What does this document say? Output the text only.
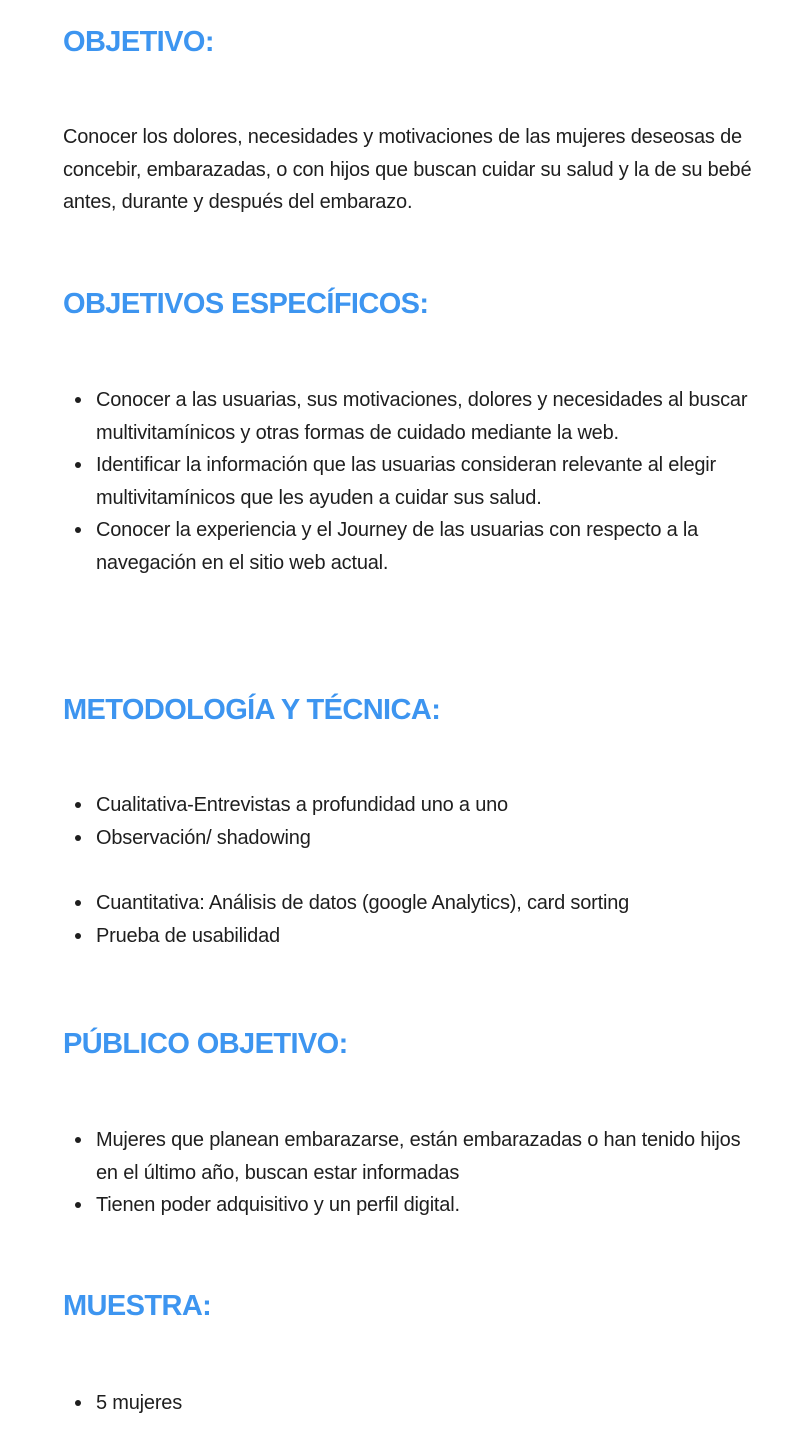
OBJETIVO:

Conocer los dolores, necesidades y motivaciones de las mujeres deseosas de concebir, embarazadas, o con hijos que buscan cuidar su salud y la de su bebé antes, durante y después del embarazo.

OBJETIVOS ESPECÍFICOS:
Conocer a las usuarias, sus motivaciones, dolores y necesidades al buscar multivitamínicos y otras formas de cuidado mediante la web.
Identificar la información que las usuarias consideran relevante al elegir multivitamínicos que les ayuden a cuidar sus salud.
Conocer la experiencia y el Journey de las usuarias con respecto a la navegación en el sitio web actual.
METODOLOGÍA Y TÉCNICA:
Cualitativa-Entrevistas a profundidad uno a uno
Observación/ shadowing
Cuantitativa: Análisis de datos (google Analytics), card sorting
Prueba de usabilidad
PÚBLICO OBJETIVO:
Mujeres que planean embarazarse, están embarazadas o han tenido hijos en el último año, buscan estar informadas
Tienen poder adquisitivo y un perfil digital.
MUESTRA:
5 mujeres
